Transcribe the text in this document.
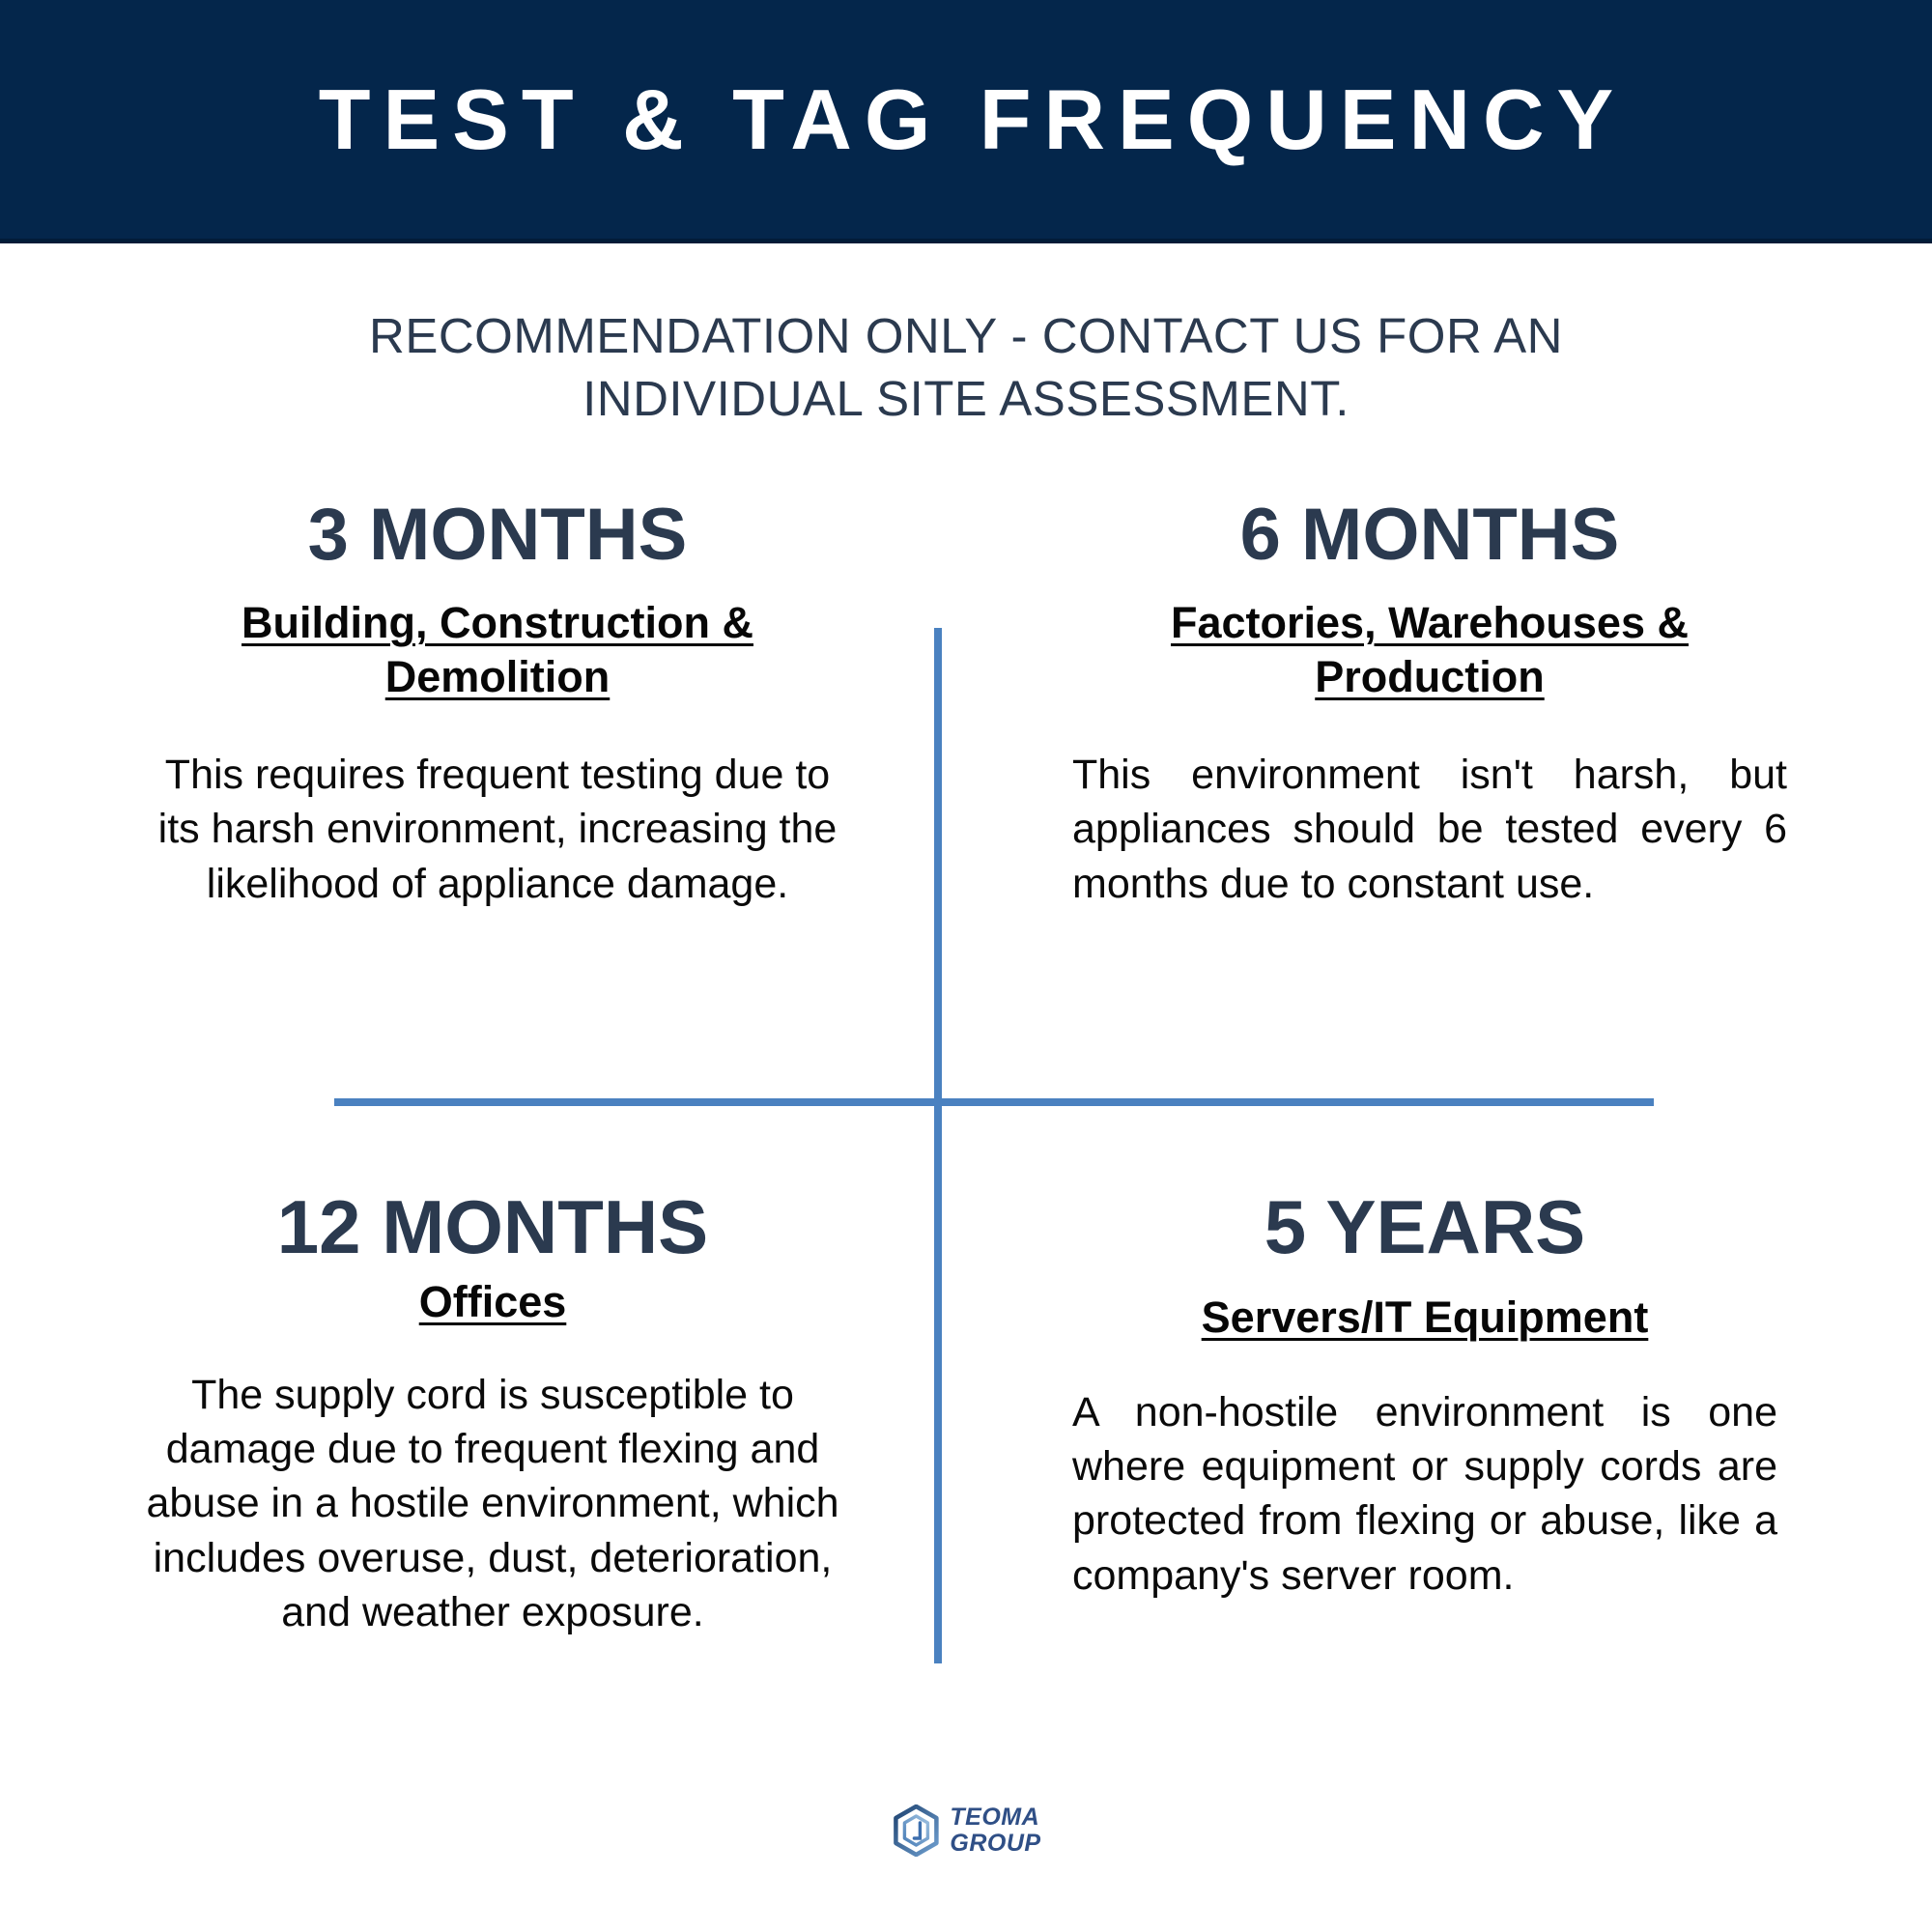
TEST & TAG FREQUENCY
RECOMMENDATION ONLY - CONTACT US FOR AN INDIVIDUAL SITE ASSESSMENT.
3 MONTHS
Building, Construction & Demolition
This requires frequent testing due to its harsh environment, increasing the likelihood of appliance damage.
6 MONTHS
Factories, Warehouses & Production
This environment isn't harsh, but appliances should be tested every 6 months due to constant use.
12 MONTHS
Offices
The supply cord is susceptible to damage due to frequent flexing and abuse in a hostile environment, which includes overuse, dust, deterioration, and weather exposure.
5 YEARS
Servers/IT Equipment
A non-hostile environment is one where equipment or supply cords are protected from flexing or abuse, like a company's server room.
TEOMA
GROUP
